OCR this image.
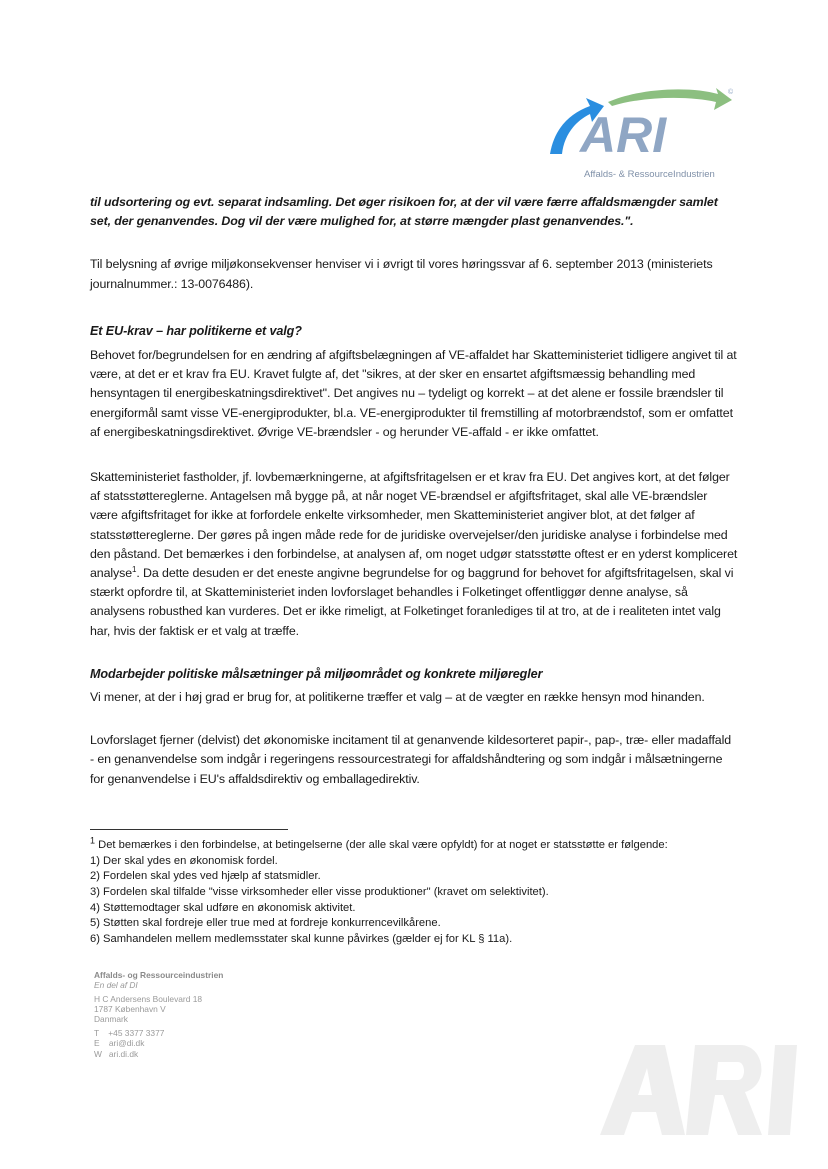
ARI
©
Affalds- & RessourceIndustrien

til udsortering og evt. separat indsamling. Det øger risikoen for, at der vil være færre affaldsmængder samlet set, der genanvendes. Dog vil der være mulighed for, at større mængder plast genanvendes.".

Til belysning af øvrige miljøkonsekvenser henviser vi i øvrigt til vores høringssvar af 6. september 2013 (ministeriets journalnummer.: 13-0076486).

Et EU-krav – har politikerne et valg?

Behovet for/begrundelsen for en ændring af afgiftsbelægningen af VE-affaldet har Skatteministeriet tidligere angivet til at være, at det er et krav fra EU. Kravet fulgte af, det "sikres, at der sker en ensartet afgiftsmæssig behandling med hensyntagen til energibeskatningsdirektivet". Det angives nu – tydeligt og korrekt – at det alene er fossile brændsler til energiformål samt visse VE-energiprodukter, bl.a. VE-energiprodukter til fremstilling af motorbrændstof, som er omfattet af energibeskatningsdirektivet. Øvrige VE-brændsler - og herunder VE-affald - er ikke omfattet.

Skatteministeriet fastholder, jf. lovbemærkningerne, at afgiftsfritagelsen er et krav fra EU. Det angives kort, at det følger af statsstøttereglerne. Antagelsen må bygge på, at når noget VE-brændsel er afgiftsfritaget, skal alle VE-brændsler være afgiftsfritaget for ikke at forfordele enkelte virksomheder, men Skatteministeriet angiver blot, at det følger af statsstøttereglerne. Der gøres på ingen måde rede for de juridiske overvejelser/den juridiske analyse i forbindelse med den påstand. Det bemærkes i den forbindelse, at analysen af, om noget udgør statsstøtte oftest er en yderst kompliceret analyse$^1$. Da dette desuden er det eneste angivne begrundelse for og baggrund for behovet for afgiftsfritagelsen, skal vi stærkt opfordre til, at Skatteministeriet inden lovforslaget behandles i Folketinget offentliggør denne analyse, så analysens robusthed kan vurderes. Det er ikke rimeligt, at Folketinget foranlediges til at tro, at de i realiteten intet valg har, hvis der faktisk er et valg at træffe.

Modarbejder politiske målsætninger på miljøområdet og konkrete miljøregler

Vi mener, at der i høj grad er brug for, at politikerne træffer et valg – at de vægter en række hensyn mod hinanden.

Lovforslaget fjerner (delvist) det økonomiske incitament til at genanvende kildesorteret papir-, pap-, træ- eller madaffald - en genanvendelse som indgår i regeringens ressourcestrategi for affaldshåndtering og som indgår i målsætningerne for genanvendelse i EU's affaldsdirektiv og emballagedirektiv.

$^1$ Det bemærkes i den forbindelse, at betingelserne (der alle skal være opfyldt) for at noget er statsstøtte er følgende:
1) Der skal ydes en økonomisk fordel.
2) Fordelen skal ydes ved hjælp af statsmidler.
3) Fordelen skal tilfalde "visse virksomheder eller visse produktioner" (kravet om selektivitet).
4) Støttemodtager skal udføre en økonomisk aktivitet.
5) Støtten skal fordreje eller true med at fordreje konkurrencevilkårene.
6) Samhandelen mellem medlemsstater skal kunne påvirkes (gælder ej for KL § 11a).
Affalds- og Ressourceindustrien
En del af DI
H C Andersens Boulevard 18
1787 København V
Danmark
T    +45 3377 3377
E    ari@di.dk
W   ari.di.dk
